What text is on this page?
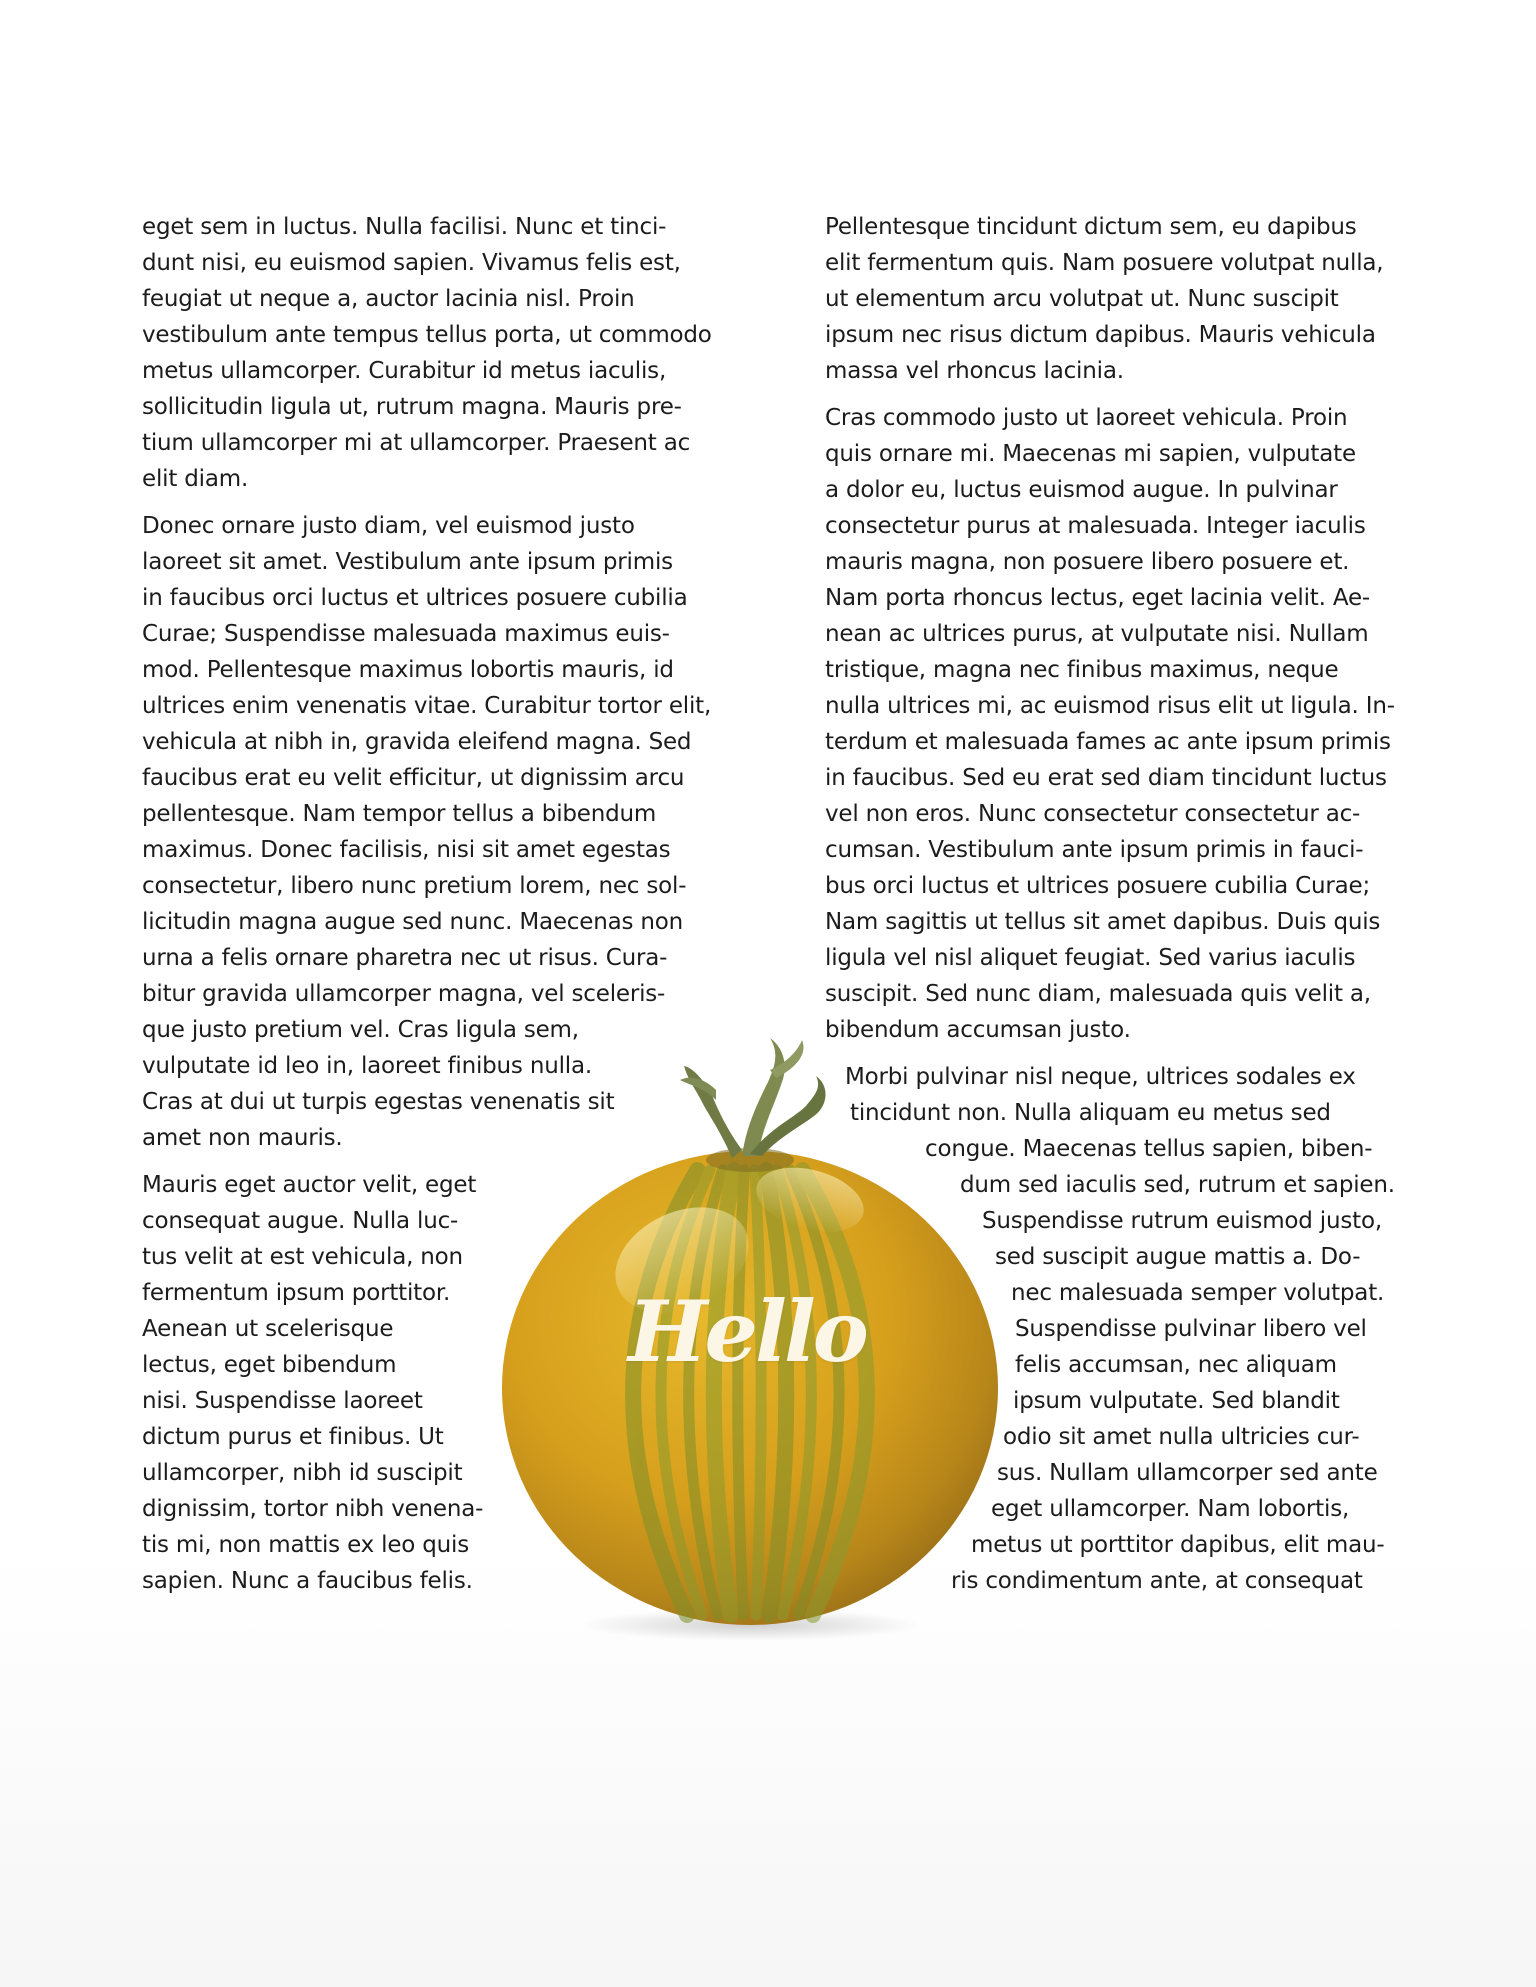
eget sem in luctus. Nulla facilisi. Nunc et tinci-
dunt nisi, eu euismod sapien. Vivamus felis est,
feugiat ut neque a, auctor lacinia nisl. Proin
vestibulum ante tempus tellus porta, ut commodo
metus ullamcorper. Curabitur id metus iaculis,
sollicitudin ligula ut, rutrum magna. Mauris pre-
tium ullamcorper mi at ullamcorper. Praesent ac
elit diam.
Donec ornare justo diam, vel euismod justo
laoreet sit amet. Vestibulum ante ipsum primis
in faucibus orci luctus et ultrices posuere cubilia
Curae; Suspendisse malesuada maximus euis-
mod. Pellentesque maximus lobortis mauris, id
ultrices enim venenatis vitae. Curabitur tortor elit,
vehicula at nibh in, gravida eleifend magna. Sed
faucibus erat eu velit efficitur, ut dignissim arcu
pellentesque. Nam tempor tellus a bibendum
maximus. Donec facilisis, nisi sit amet egestas
consectetur, libero nunc pretium lorem, nec sol-
licitudin magna augue sed nunc. Maecenas non
urna a felis ornare pharetra nec ut risus. Cura-
bitur gravida ullamcorper magna, vel sceleris-
que justo pretium vel. Cras ligula sem,
vulputate id leo in, laoreet finibus nulla.
Cras at dui ut turpis egestas venenatis sit
amet non mauris.
Mauris eget auctor velit, eget
consequat augue. Nulla luc-
tus velit at est vehicula, non
fermentum ipsum porttitor.
Aenean ut scelerisque
lectus, eget bibendum
nisi. Suspendisse laoreet
dictum purus et finibus. Ut
ullamcorper, nibh id suscipit
dignissim, tortor nibh venena-
tis mi, non mattis ex leo quis
sapien. Nunc a faucibus felis.
Pellentesque tincidunt dictum sem, eu dapibus
elit fermentum quis. Nam posuere volutpat nulla,
ut elementum arcu volutpat ut. Nunc suscipit
ipsum nec risus dictum dapibus. Mauris vehicula
massa vel rhoncus lacinia.
Cras commodo justo ut laoreet vehicula. Proin
quis ornare mi. Maecenas mi sapien, vulputate
a dolor eu, luctus euismod augue. In pulvinar
consectetur purus at malesuada. Integer iaculis
mauris magna, non posuere libero posuere et.
Nam porta rhoncus lectus, eget lacinia velit. Ae-
nean ac ultrices purus, at vulputate nisi. Nullam
tristique, magna nec finibus maximus, neque
nulla ultrices mi, ac euismod risus elit ut ligula. In-
terdum et malesuada fames ac ante ipsum primis
in faucibus. Sed eu erat sed diam tincidunt luctus
vel non eros. Nunc consectetur consectetur ac-
cumsan. Vestibulum ante ipsum primis in fauci-
bus orci luctus et ultrices posuere cubilia Curae;
Nam sagittis ut tellus sit amet dapibus. Duis quis
ligula vel nisl aliquet feugiat. Sed varius iaculis
suscipit. Sed nunc diam, malesuada quis velit a,
bibendum accumsan justo.
Morbi pulvinar nisl neque, ultrices sodales ex
tincidunt non. Nulla aliquam eu metus sed
congue. Maecenas tellus sapien, biben-
dum sed iaculis sed, rutrum et sapien.
Suspendisse rutrum euismod justo,
sed suscipit augue mattis a. Do-
nec malesuada semper volutpat.
Suspendisse pulvinar libero vel
felis accumsan, nec aliquam
ipsum vulputate. Sed blandit
odio sit amet nulla ultricies cur-
sus. Nullam ullamcorper sed ante
eget ullamcorper. Nam lobortis,
metus ut porttitor dapibus, elit mau-
ris condimentum ante, at consequat
Hello
